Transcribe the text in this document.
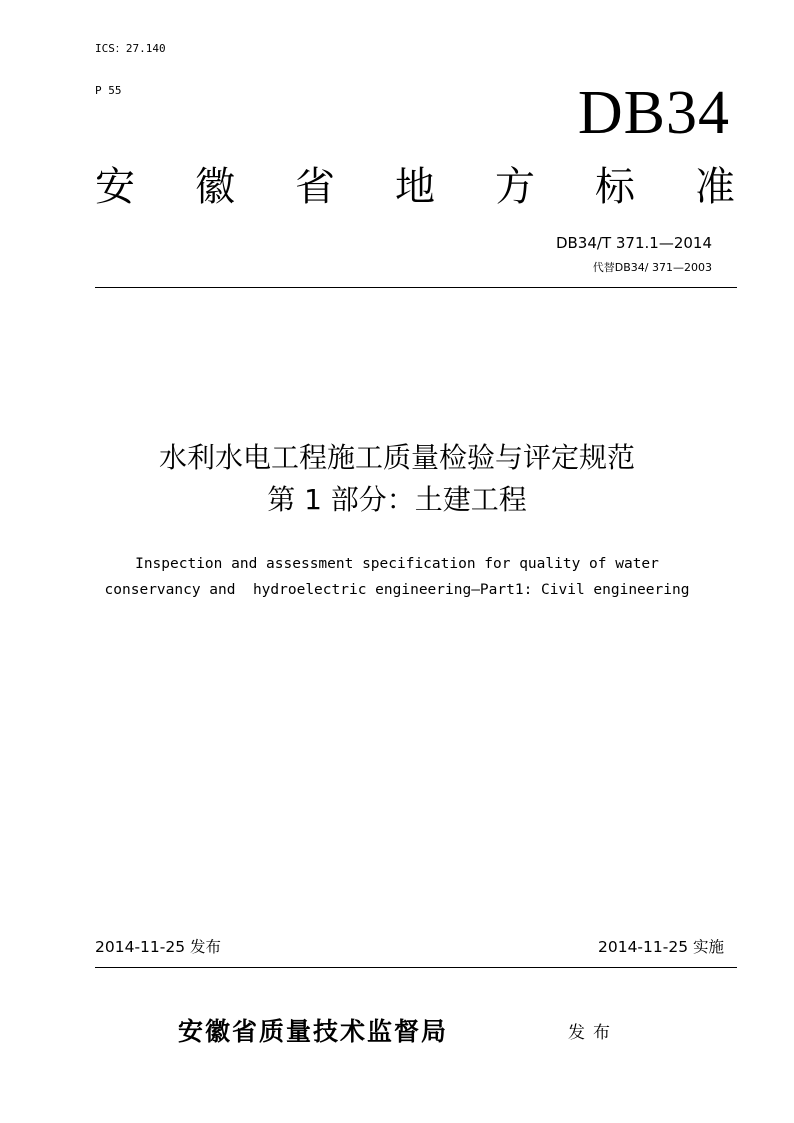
ICS：27.140
P 55	DB34
安 徽 省 地 方 标 准
DB34/T 371.1—2014
代替DB34/ 371—2003
水利水电工程施工质量检验与评定规范
第 1 部分：土建工程
Inspection and assessment specification for quality of water
conservancy and  hydroelectric engineering—Part1: Civil engineering
2014-11-25 发布	2014-11-25 实施
安徽省质量技术监督局	发布
